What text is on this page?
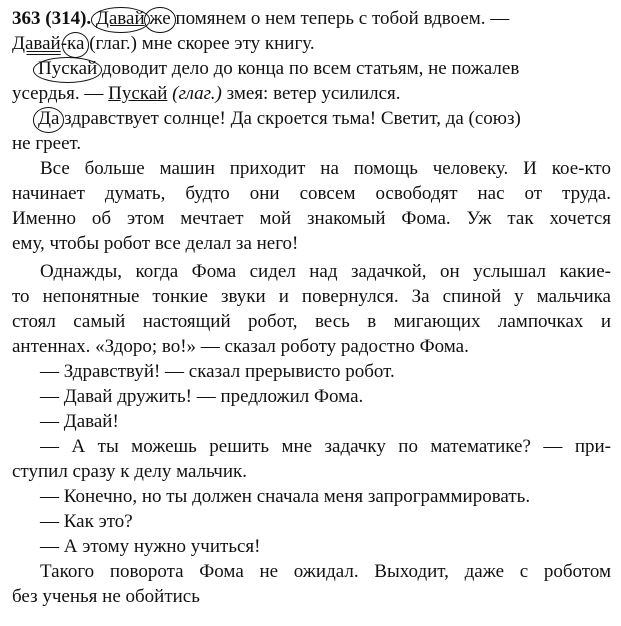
363 (314). Давай же помянем о нем теперь с тобой вдвоем. —
Давай-ка (глаг.) мне скорее эту книгу.
Пускай доводит дело до конца по всем статьям, не пожалев
усердья. — Пускай (глаг.) змея: ветер усилился.
Да здравствует солнце! Да скроется тьма! Светит, да (союз)
не греет.
Все больше машин приходит на помощь человеку. И кое-кто
начинает думать, будто они совсем освободят нас от труда.
Именно об этом мечтает мой знакомый Фома. Уж так хочется
ему, чтобы робот все делал за него!
Однажды, когда Фома сидел над задачкой, он услышал какие-
то непонятные тонкие звуки и повернулся. За спиной у мальчика
стоял самый настоящий робот, весь в мигающих лампочках и
антеннах. «Здоро; во!» — сказал роботу радостно Фома.
— Здравствуй! — сказал прерывисто робот.
— Давай дружить! — предложил Фома.
— Давай!
— А ты можешь решить мне задачку по математике? — при-
ступил сразу к делу мальчик.
— Конечно, но ты должен сначала меня запрограммировать.
— Как это?
— А этому нужно учиться!
Такого поворота Фома не ожидал. Выходит, даже с роботом
без ученья не обойтись
